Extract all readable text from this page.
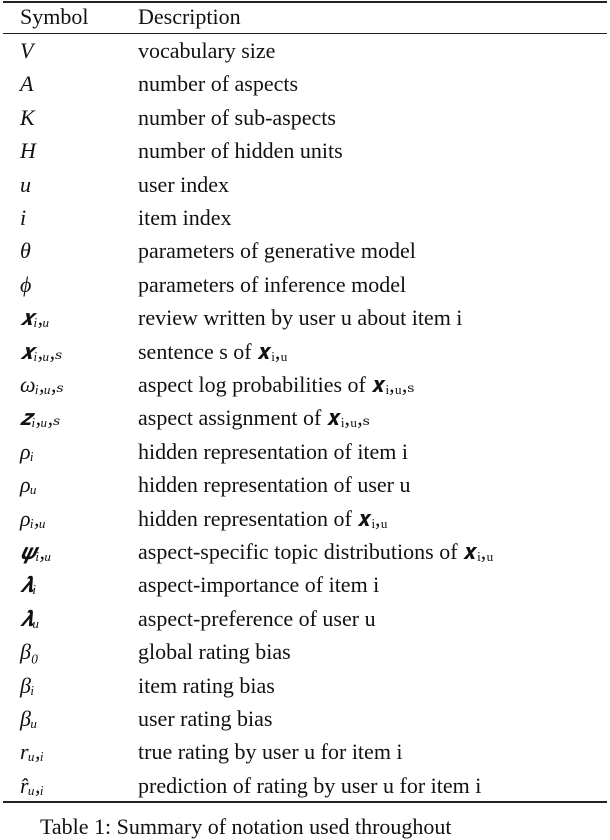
Symbol Description
V	vocabulary size
A	number of aspects
K	number of sub-aspects
H	number of hidden units
u	user index
i	item index
θ	parameters of generative model
ϕ	parameters of inference model
𝒙ᵢ,ᵤ	review written by user u about item i
𝒙ᵢ,ᵤ,ₛ	sentence s of 𝒙ᵢ,ᵤ
ωᵢ,ᵤ,ₛ	aspect log probabilities of 𝒙ᵢ,ᵤ,ₛ
𝒛ᵢ,ᵤ,ₛ	aspect assignment of 𝒙ᵢ,ᵤ,ₛ
ρᵢ	hidden representation of item i
ρᵤ	hidden representation of user u
ρᵢ,ᵤ	hidden representation of 𝒙ᵢ,ᵤ
𝝍ᵢ,ᵤ	aspect-specific topic distributions of 𝒙ᵢ,ᵤ
𝝀ᵢ	aspect-importance of item i
𝝀ᵤ	aspect-preference of user u
β₀	global rating bias
βᵢ	item rating bias
βᵤ	user rating bias
rᵤ,ᵢ	true rating by user u for item i
r̂ᵤ,ᵢ	prediction of rating by user u for item i
Table 1: Summary of notation used throughout
